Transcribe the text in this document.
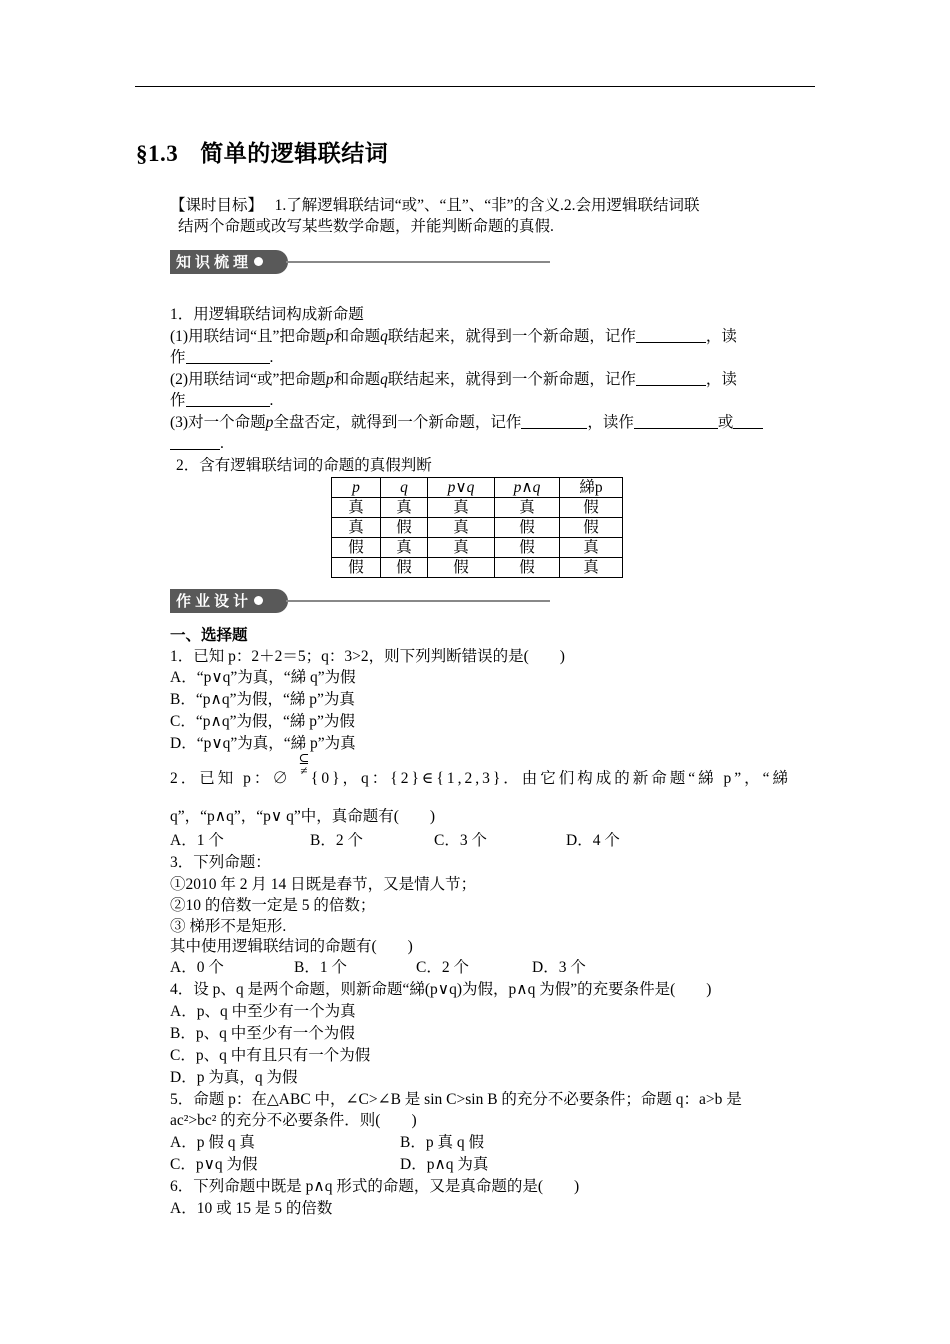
§1.3 简单的逻辑联结词
【课时目标】 1.了解逻辑联结词“或”、“且”、“非”的含义.2.会用逻辑联结词联
结两个命题或改写某些数学命题，并能判断命题的真假.
知识梳理
1．用逻辑联结词构成新命题
(1)用联结词“且”把命题p和命题q联结起来，就得到一个新命题，记作	，读
作	.
(2)用联结词“或”把命题p和命题q联结起来，就得到一个新命题，记作	，读
作	.
(3)对一个命题p全盘否定，就得到一个新命题，记作	，读作	或
.
2．含有逻辑联结词的命题的真假判断
p	q	p∨q	p∧q	綈p
真	真	真	真	假
真	假	真	假	假
假	真	真	假	真
假	假	假	假	真
作业设计
一、选择题
1．已知 p：2＋2＝5；q：3>2，则下列判断错误的是(　　)
A．“p∨q”为真，“綈 q”为假
B．“p∧q”为假，“綈 p”为真
C．“p∧q”为假，“綈 p”为假
D．“p∨q”为真，“綈 p”为真
⊆
≠
2．已知 p：∅ {0}，q：{2}∈{1,2,3}．由它们构成的新命题“綈 p”，“綈
q”，“p∧q”，“p∨ q”中，真命题有(　　)
A．1 个	B．2 个	C．3 个	D．4 个
3．下列命题：
①2010 年 2 月 14 日既是春节，又是情人节；
②10 的倍数一定是 5 的倍数；
③ 梯形不是矩形.
其中使用逻辑联结词的命题有(　　)
A．0 个	B．1 个	C．2 个	D．3 个
4．设 p、q 是两个命题，则新命题“綈(p∨q)为假，p∧q 为假”的充要条件是(　　)
A．p、q 中至少有一个为真
B．p、q 中至少有一个为假
C．p、q 中有且只有一个为假
D．p 为真，q 为假
5．命题 p：在△ABC 中，∠C>∠B 是 sin C>sin B 的充分不必要条件；命题 q：a>b 是
ac²>bc² 的充分不必要条件．则(　　)
A．p 假 q 真	B．p 真 q 假
C．p∨q 为假	D．p∧q 为真
6．下列命题中既是 p∧q 形式的命题，又是真命题的是(　　)
A．10 或 15 是 5 的倍数
